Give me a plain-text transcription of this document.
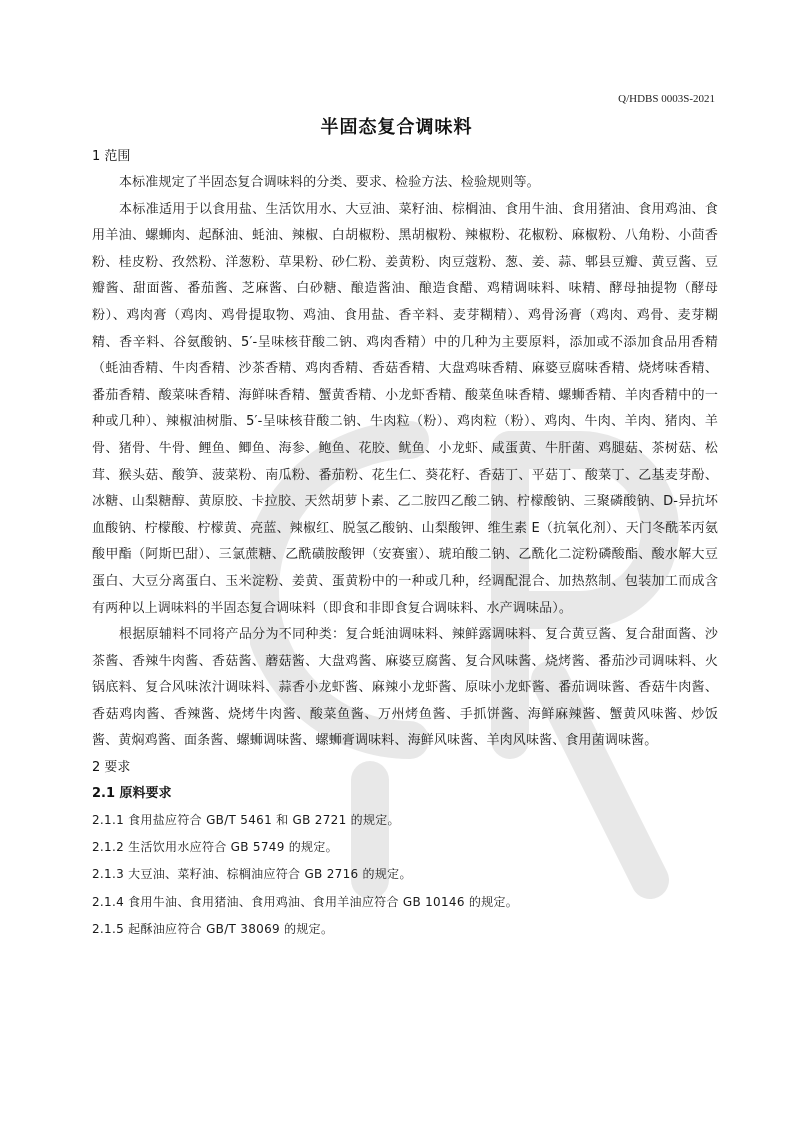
Q/HDBS 0003S-2021
半固态复合调味料
1 范围
本标准规定了半固态复合调味料的分类、要求、检验方法、检验规则等。
本标准适用于以食用盐、生活饮用水、大豆油、菜籽油、棕榈油、食用牛油、食用猪油、食用鸡油、食用羊油、螺蛳肉、起酥油、蚝油、辣椒、白胡椒粉、黑胡椒粉、辣椒粉、花椒粉、麻椒粉、八角粉、小茴香粉、桂皮粉、孜然粉、洋葱粉、草果粉、砂仁粉、姜黄粉、肉豆蔻粉、葱、姜、蒜、郫县豆瓣、黄豆酱、豆瓣酱、甜面酱、番茄酱、芝麻酱、白砂糖、酿造酱油、酿造食醋、鸡精调味料、味精、酵母抽提物（酵母粉）、鸡肉膏（鸡肉、鸡骨提取物、鸡油、食用盐、香辛料、麦芽糊精）、鸡骨汤膏（鸡肉、鸡骨、麦芽糊精、香辛料、谷氨酸钠、5′-呈味核苷酸二钠、鸡肉香精）中的几种为主要原料，添加或不添加食品用香精（蚝油香精、牛肉香精、沙茶香精、鸡肉香精、香菇香精、大盘鸡味香精、麻婆豆腐味香精、烧烤味香精、番茄香精、酸菜味香精、海鲜味香精、蟹黄香精、小龙虾香精、酸菜鱼味香精、螺蛳香精、羊肉香精中的一种或几种）、辣椒油树脂、5′-呈味核苷酸二钠、牛肉粒（粉）、鸡肉粒（粉）、鸡肉、牛肉、羊肉、猪肉、羊骨、猪骨、牛骨、鲤鱼、鲫鱼、海参、鲍鱼、花胶、鱿鱼、小龙虾、咸蛋黄、牛肝菌、鸡腿菇、茶树菇、松茸、猴头菇、酸笋、菠菜粉、南瓜粉、番茄粉、花生仁、葵花籽、香菇丁、平菇丁、酸菜丁、乙基麦芽酚、冰糖、山梨糖醇、黄原胶、卡拉胶、天然胡萝卜素、乙二胺四乙酸二钠、柠檬酸钠、三聚磷酸钠、D-异抗坏血酸钠、柠檬酸、柠檬黄、亮蓝、辣椒红、脱氢乙酸钠、山梨酸钾、维生素 E（抗氧化剂）、天门冬酰苯丙氨酸甲酯（阿斯巴甜）、三氯蔗糖、乙酰磺胺酸钾（安赛蜜）、琥珀酸二钠、乙酰化二淀粉磷酸酯、酸水解大豆蛋白、大豆分离蛋白、玉米淀粉、姜黄、蛋黄粉中的一种或几种，经调配混合、加热熬制、包装加工而成含有两种以上调味料的半固态复合调味料（即食和非即食复合调味料、水产调味品）。
根据原辅料不同将产品分为不同种类：复合蚝油调味料、辣鲜露调味料、复合黄豆酱、复合甜面酱、沙茶酱、香辣牛肉酱、香菇酱、蘑菇酱、大盘鸡酱、麻婆豆腐酱、复合风味酱、烧烤酱、番茄沙司调味料、火锅底料、复合风味浓汁调味料、蒜香小龙虾酱、麻辣小龙虾酱、原味小龙虾酱、番茄调味酱、香菇牛肉酱、香菇鸡肉酱、香辣酱、烧烤牛肉酱、酸菜鱼酱、万州烤鱼酱、手抓饼酱、海鲜麻辣酱、蟹黄风味酱、炒饭酱、黄焖鸡酱、面条酱、螺蛳调味酱、螺蛳膏调味料、海鲜风味酱、羊肉风味酱、食用菌调味酱。
2 要求
2.1 原料要求
2.1.1 食用盐应符合 GB/T 5461 和 GB 2721 的规定。
2.1.2 生活饮用水应符合 GB 5749 的规定。
2.1.3 大豆油、菜籽油、棕榈油应符合 GB 2716 的规定。
2.1.4 食用牛油、食用猪油、食用鸡油、食用羊油应符合 GB 10146 的规定。
2.1.5 起酥油应符合 GB/T 38069 的规定。
